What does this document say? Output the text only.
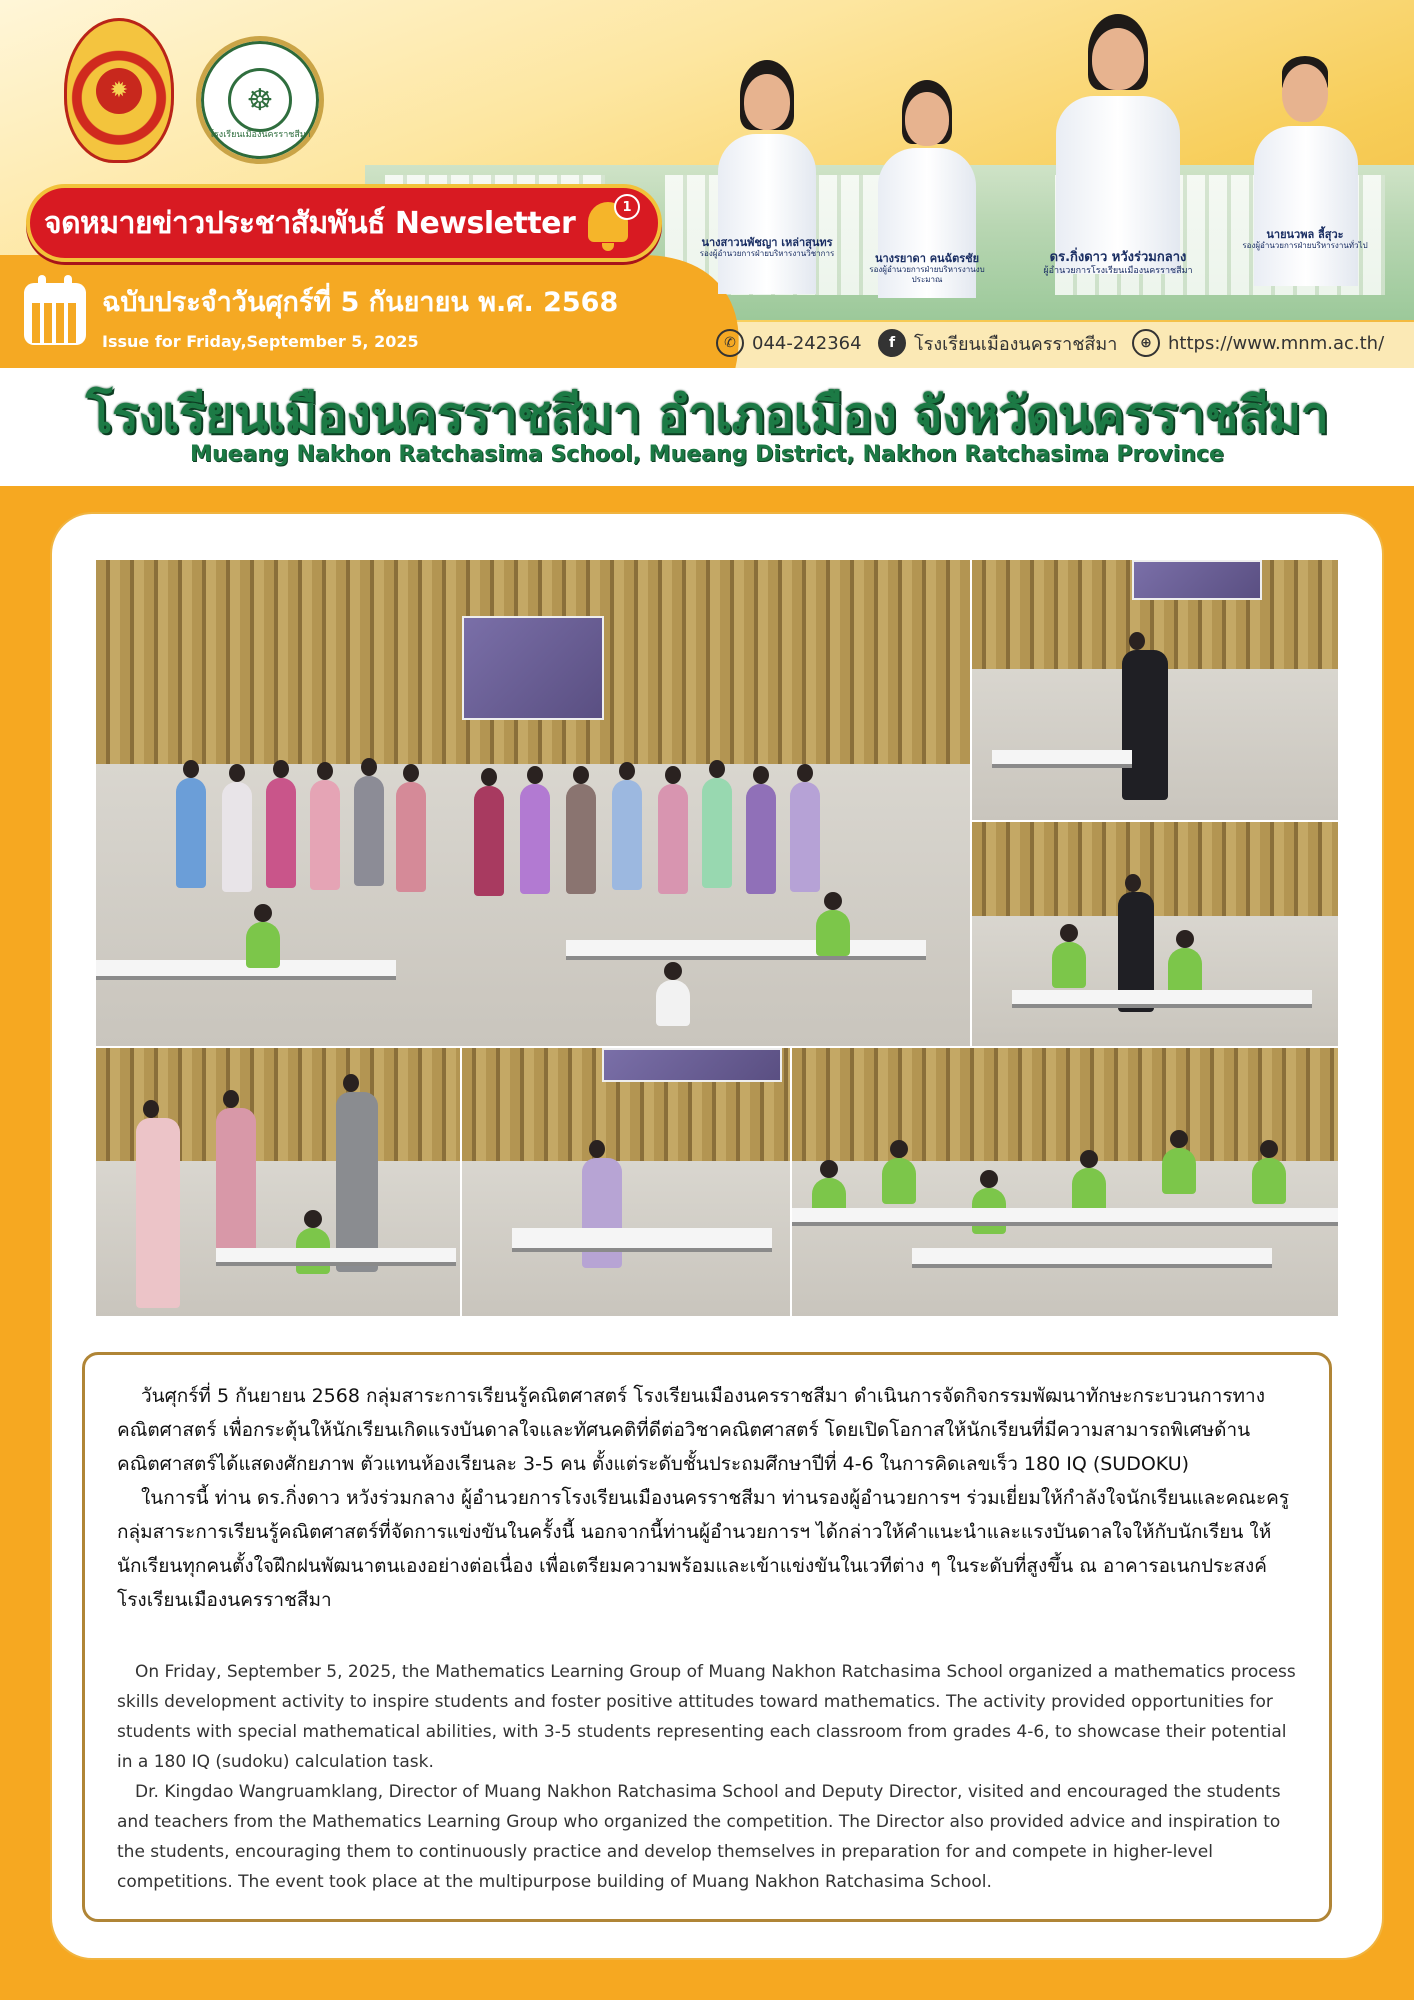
✹	☸
โรงเรียนเมืองนครราชสีมา
นางสาวนพัชญา เหล่าสุนทร
รองผู้อำนวยการฝ่ายบริหารงานวิชาการ	นางรยาดา คนฉัตรชัย
รองผู้อำนวยการฝ่ายบริหารงานงบประมาณ
ดร.กิ่งดาว หวังร่วมกลาง
ผู้อำนวยการโรงเรียนเมืองนครราชสีมา
นายนวพล ลี้สุวะ
รองผู้อำนวยการฝ่ายบริหารงานทั่วไป
จดหมายข่าวประชาสัมพันธ์ Newsletter	1
ฉบับประจำวันศุกร์ที่ 5 กันยายน พ.ศ. 2568
Issue for Friday,September 5, 2025	✆ 044-242364	f	โรงเรียนเมืองนครราชสีมา	⊕ https://www.mnm.ac.th/
โรงเรียนเมืองนครราชสีมา อำเภอเมือง จังหวัดนครราชสีมา
Mueang Nakhon Ratchasima School, Mueang District, Nakhon Ratchasima Province

วันศุกร์ที่ 5 กันยายน 2568 กลุ่มสาระการเรียนรู้คณิตศาสตร์ โรงเรียนเมืองนครราชสีมา ดำเนินการจัดกิจกรรมพัฒนาทักษะกระบวนการทางคณิตศาสตร์ เพื่อกระตุ้นให้นักเรียนเกิดแรงบันดาลใจและทัศนคติที่ดีต่อวิชาคณิตศาสตร์ โดยเปิดโอกาสให้นักเรียนที่มีความสามารถพิเศษด้านคณิตศาสตร์ได้แสดงศักยภาพ ตัวแทนห้องเรียนละ 3-5 คน ตั้งแต่ระดับชั้นประถมศึกษาปีที่ 4-6 ในการคิดเลขเร็ว 180 IQ (SUDOKU)

ในการนี้ ท่าน ดร.กิ่งดาว หวังร่วมกลาง ผู้อำนวยการโรงเรียนเมืองนครราชสีมา ท่านรองผู้อำนวยการฯ ร่วมเยี่ยมให้กำลังใจนักเรียนและคณะครูกลุ่มสาระการเรียนรู้คณิตศาสตร์ที่จัดการแข่งขันในครั้งนี้ นอกจากนี้ท่านผู้อำนวยการฯ ได้กล่าวให้คำแนะนำและแรงบันดาลใจให้กับนักเรียน ให้นักเรียนทุกคนตั้งใจฝึกฝนพัฒนาตนเองอย่างต่อเนื่อง เพื่อเตรียมความพร้อมและเข้าแข่งขันในเวทีต่าง ๆ ในระดับที่สูงขึ้น ณ อาคารอเนกประสงค์โรงเรียนเมืองนครราชสีมา

On Friday, September 5, 2025, the Mathematics Learning Group of Muang Nakhon Ratchasima School organized a mathematics process skills development activity to inspire students and foster positive attitudes toward mathematics. The activity provided opportunities for students with special mathematical abilities, with 3-5 students representing each classroom from grades 4-6, to showcase their potential in a 180 IQ (sudoku) calculation task.

Dr. Kingdao Wangruamklang, Director of Muang Nakhon Ratchasima School and Deputy Director, visited and encouraged the students and teachers from the Mathematics Learning Group who organized the competition. The Director also provided advice and inspiration to the students, encouraging them to continuously practice and develop themselves in preparation for and compete in higher-level competitions. The event took place at the multipurpose building of Muang Nakhon Ratchasima School.
